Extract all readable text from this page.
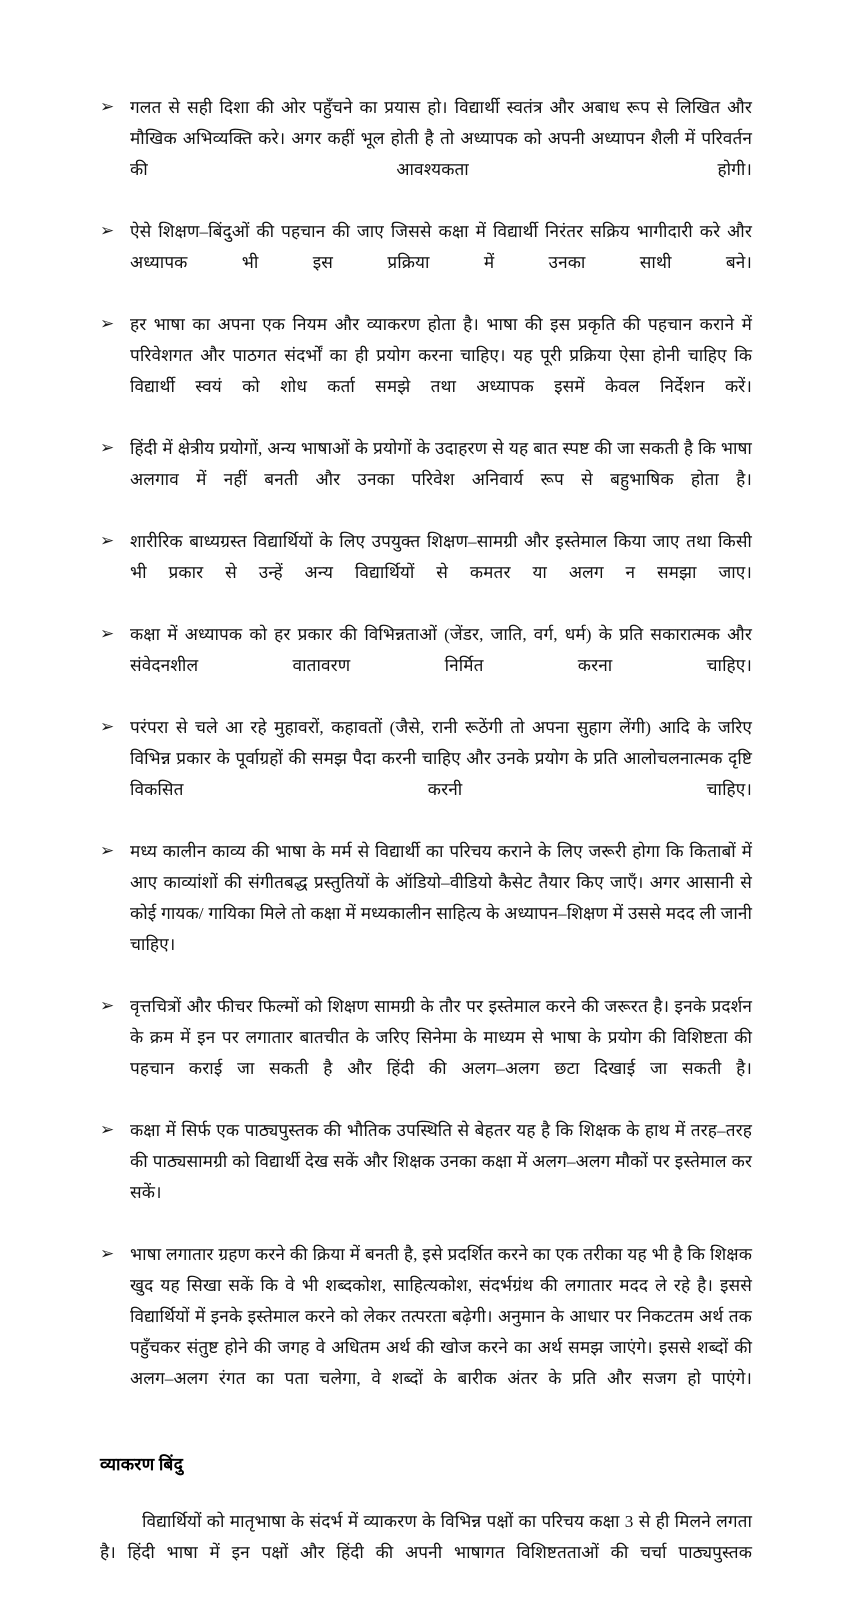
➢ गलत से सही दिशा की ओर पहुँचने का प्रयास हो। विद्यार्थी स्वतंत्र और अबाध रूप से लिखित और मौखिक अभिव्यक्ति करे। अगर कहीं भूल होती है तो अध्यापक को अपनी अध्यापन शैली में परिवर्तन की आवश्यकता होगी।
➢ ऐसे शिक्षण–बिंदुओं की पहचान की जाए जिससे कक्षा में विद्यार्थी निरंतर सक्रिय भागीदारी करे और अध्यापक भी इस प्रक्रिया में उनका साथी बने।
➢ हर भाषा का अपना एक नियम और व्याकरण होता है। भाषा की इस प्रकृति की पहचान कराने में परिवेशगत और पाठगत संदर्भों का ही प्रयोग करना चाहिए। यह पूरी प्रक्रिया ऐसा होनी चाहिए कि विद्यार्थी स्वयं को शोध कर्ता समझे तथा अध्यापक इसमें केवल निर्देशन करें।
➢ हिंदी में क्षेत्रीय प्रयोगों, अन्य भाषाओं के प्रयोगों के उदाहरण से यह बात स्पष्ट की जा सकती है कि भाषा अलगाव में नहीं बनती और उनका परिवेश अनिवार्य रूप से बहुभाषिक होता है।
➢ शारीरिक बाध्यग्रस्त विद्यार्थियों के लिए उपयुक्त शिक्षण–सामग्री और इस्तेमाल किया जाए तथा किसी भी प्रकार से उन्हें अन्य विद्यार्थियों से कमतर या अलग न समझा जाए।
➢ कक्षा में अध्यापक को हर प्रकार की विभिन्नताओं (जेंडर, जाति, वर्ग, धर्म) के प्रति सकारात्मक और संवेदनशील वातावरण निर्मित करना चाहिए।
➢ परंपरा से चले आ रहे मुहावरों, कहावतों (जैसे, रानी रूठेंगी तो अपना सुहाग लेंगी) आदि के जरिए विभिन्न प्रकार के पूर्वाग्रहों की समझ पैदा करनी चाहिए और उनके प्रयोग के प्रति आलोचलनात्मक दृष्टि विकसित करनी चाहिए।
➢ मध्य कालीन काव्य की भाषा के मर्म से विद्यार्थी का परिचय कराने के लिए जरूरी होगा कि किताबों में आए काव्यांशों की संगीतबद्ध प्रस्तुतियों के ऑडियो–वीडियो कैसेट तैयार किए जाएँ। अगर आसानी से कोई गायक/ गायिका मिले तो कक्षा में मध्यकालीन साहित्य के अध्यापन–शिक्षण में उससे मदद ली जानी चाहिए।
➢ वृत्तचित्रों और फीचर फिल्मों को शिक्षण सामग्री के तौर पर इस्तेमाल करने की जरूरत है। इनके प्रदर्शन के क्रम में इन पर लगातार बातचीत के जरिए सिनेमा के माध्यम से भाषा के प्रयोग की विशिष्टता की पहचान कराई जा सकती है और हिंदी की अलग–अलग छटा दिखाई जा सकती है।
➢ कक्षा में सिर्फ एक पाठ्यपुस्तक की भौतिक उपस्थिति से बेहतर यह है कि शिक्षक के हाथ में तरह–तरह की पाठ्यसामग्री को विद्यार्थी देख सकें और शिक्षक उनका कक्षा में अलग–अलग मौकों पर इस्तेमाल कर सकें।
➢ भाषा लगातार ग्रहण करने की क्रिया में बनती है, इसे प्रदर्शित करने का एक तरीका यह भी है कि शिक्षक खुद यह सिखा सकें कि वे भी शब्दकोश, साहित्यकोश, संदर्भग्रंथ की लगातार मदद ले रहे है। इससे विद्यार्थियों में इनके इस्तेमाल करने को लेकर तत्परता बढ़ेगी। अनुमान के आधार पर निकटतम अर्थ तक पहुँचकर संतुष्ट होने की जगह वे अधितम अर्थ की खोज करने का अर्थ समझ जाएंगे। इससे शब्दों की अलग–अलग रंगत का पता चलेगा, वे शब्दों के बारीक अंतर के प्रति और सजग हो पाएंगे।
व्याकरण बिंदु

विद्यार्थियों को मातृभाषा के संदर्भ में व्याकरण के विभिन्न पक्षों का परिचय कक्षा 3 से ही मिलने लगता है। हिंदी भाषा में इन पक्षों और हिंदी की अपनी भाषागत विशिष्टतताओं की चर्चा पाठ्यपुस्तक
